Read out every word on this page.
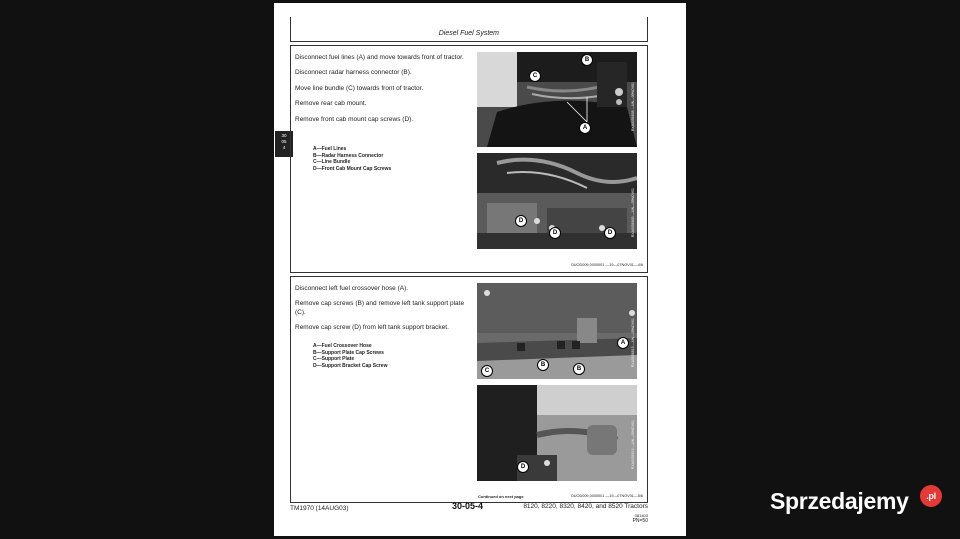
Diesel Fuel System
30
05
4

Disconnect fuel lines (A) and move towards front of tractor.

Disconnect radar harness connector (B).

Move line bundle (C) towards front of tractor.

Remove rear cab mount.

Remove front cab mount cap screws (D).

A—Fuel Lines
B—Radar Harness Connector
C—Line Bundle
D—Front Cab Mount Cap Screws
C
B
A	RXA0056808 —UN—09NOV01
D
D	D	RXA0056803 —UN—09NOV01
OUOD009,0000001 —19—07NOV01—4/6

Disconnect left fuel crossover hose (A).

Remove cap screws (B) and remove left tank support plate (C).

Remove cap screw (D) from left tank support bracket.

A—Fuel Crossover Hose
B—Support Plate Cap Screws
C—Support Plate
D—Support Bracket Cap Screw
C
B
B
A	RXA0056813 —UN—09NOV01
D	RXA0056815 —UN—09NOV01
OUOD009,0000001 —19—07NOV01—5/6
Continued on next page
TM1970 (14AUG03)	30-05-4	8120, 8220, 8320, 8420, and 8520 Tractors
081403
PN=50
Sprzedajemy	.pl
